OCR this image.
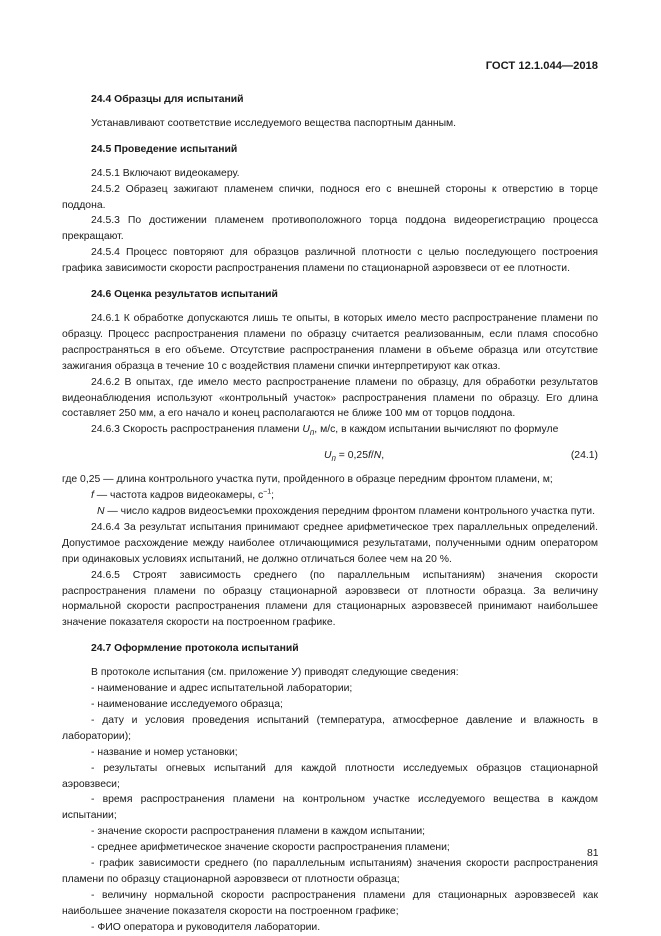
ГОСТ 12.1.044—2018

24.4 Образцы для испытаний

Устанавливают соответствие исследуемого вещества паспортным данным.

24.5 Проведение испытаний

24.5.1 Включают видеокамеру.

24.5.2 Образец зажигают пламенем спички, поднося его с внешней стороны к отверстию в торце поддона.

24.5.3 По достижении пламенем противоположного торца поддона видеорегистрацию процесса прекращают.

24.5.4 Процесс повторяют для образцов различной плотности с целью последующего построения графика зависимости скорости распространения пламени по стационарной аэровзвеси от ее плотности.

24.6 Оценка результатов испытаний

24.6.1 К обработке допускаются лишь те опыты, в которых имело место распространение пламени по образцу. Процесс распространения пламени по образцу считается реализованным, если пламя способно распространяться в его объеме. Отсутствие распространения пламени в объеме образца или отсутствие зажигания образца в течение 10 с воздействия пламени спички интерпретируют как отказ.

24.6.2 В опытах, где имело место распространение пламени по образцу, для обработки результатов видеонаблюдения используют «контрольный участок» распространения пламени по образцу. Его длина составляет 250 мм, а его начало и конец располагаются не ближе 100 мм от торцов поддона.

24.6.3 Скорость распространения пламени $U_п$, м/с, в каждом испытании вычисляют по формуле

$U_п = 0,25f/N$,	(24.1)

где 0,25 — длина контрольного участка пути, пройденного в образце передним фронтом пламени, м;

f — частота кадров видеокамеры, $с^{-1}$;

N — число кадров видеосъемки прохождения передним фронтом пламени контрольного участка пути.

24.6.4 За результат испытания принимают среднее арифметическое трех параллельных определений. Допустимое расхождение между наиболее отличающимися результатами, полученными одним оператором при одинаковых условиях испытаний, не должно отличаться более чем на 20 %.

24.6.5 Строят зависимость среднего (по параллельным испытаниям) значения скорости распространения пламени по образцу стационарной аэровзвеси от плотности образца. За величину нормальной скорости распространения пламени для стационарных аэровзвесей принимают наибольшее значение показателя скорости на построенном графике.

24.7 Оформление протокола испытаний

В протоколе испытания (см. приложение У) приводят следующие сведения:

- наименование и адрес испытательной лаборатории;

- наименование исследуемого образца;

- дату и условия проведения испытаний (температура, атмосферное давление и влажность в лаборатории);

- название и номер установки;

- результаты огневых испытаний для каждой плотности исследуемых образцов стационарной аэровзвеси;

- время распространения пламени на контрольном участке исследуемого вещества в каждом испытании;

- значение скорости распространения пламени в каждом испытании;

- среднее арифметическое значение скорости распространения пламени;

- график зависимости среднего (по параллельным испытаниям) значения скорости распространения пламени по образцу стационарной аэровзвеси от плотности образца;

- величину нормальной скорости распространения пламени для стационарных аэровзвесей как наибольшее значение показателя скорости на построенном графике;

- ФИО оператора и руководителя лаборатории.

81
